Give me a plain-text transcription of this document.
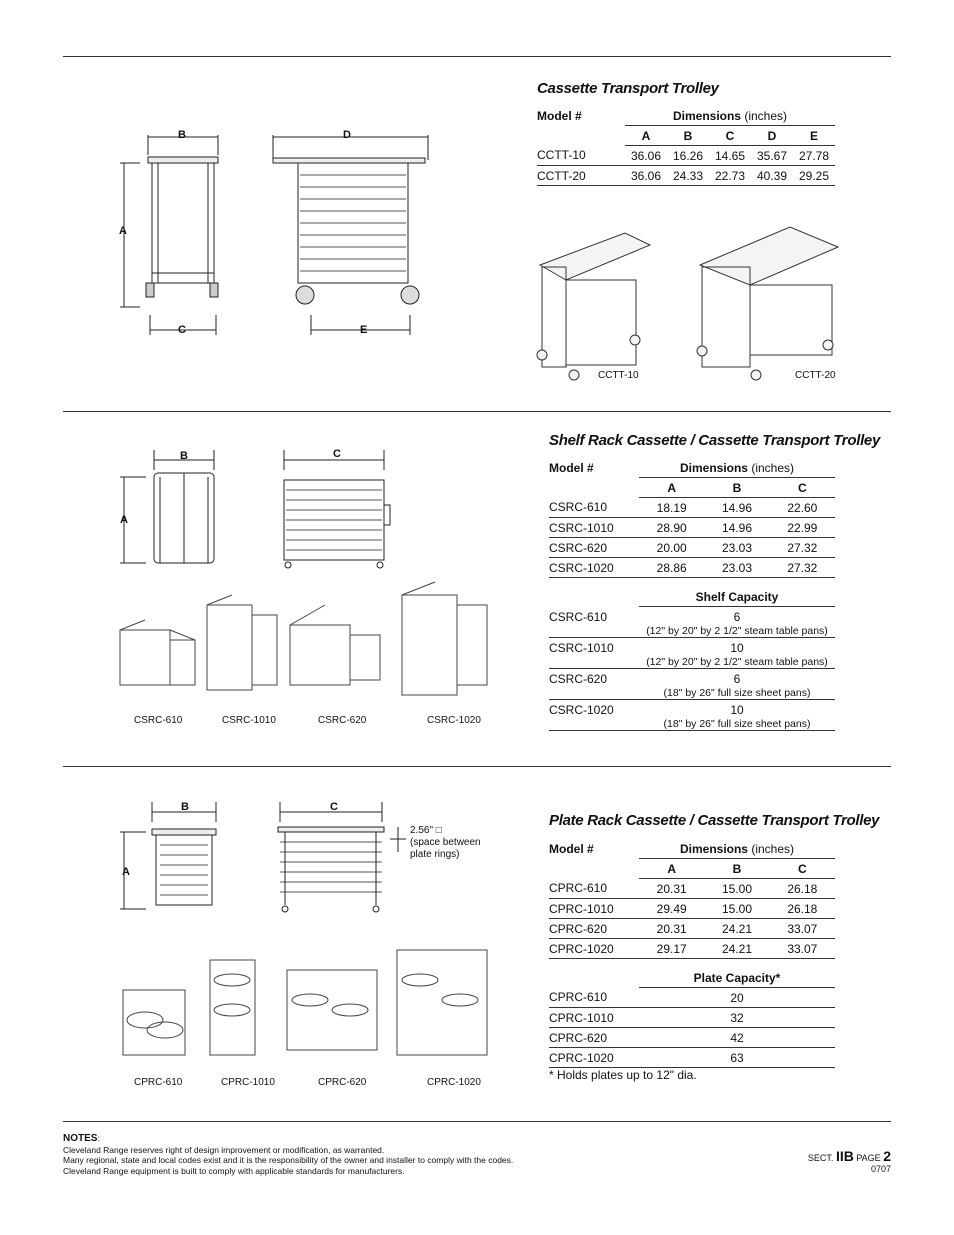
Cassette Transport Trolley
Model #	Dimensions (inches)				
	A	B	C	D	E
CCTT-10	36.06	16.26	14.65	35.67	27.78
CCTT-20	36.06	24.33	22.73	40.39	29.25
B	D
A
C	E
CCTT-10	CCTT-20
Shelf Rack Cassette / Cassette Transport Trolley
Model #	Dimensions (inches)		
	A	B	C
CSRC-610	18.19	14.96	22.60
CSRC-1010	28.90	14.96	22.99
CSRC-620	20.00	23.03	27.32
CSRC-1020	28.86	23.03	27.32
	Shelf Capacity
CSRC-610	6
(12" by 20" by 2 1/2" steam table pans)

CSRC-1010	10
(12" by 20" by 2 1/2" steam table pans)

CSRC-620	6
(18" by 26" full size sheet pans)

CSRC-1020	10
(18" by 26" full size sheet pans)
B	C
A
CSRC-610	CSRC-1010	CSRC-620	CSRC-1020
Plate Rack Cassette / Cassette Transport Trolley
Model #	Dimensions (inches)		
	A	B	C
CPRC-610	20.31	15.00	26.18
CPRC-1010	29.49	15.00	26.18
CPRC-620	20.31	24.21	33.07
CPRC-1020	29.17	24.21	33.07
	Plate Capacity*
CPRC-610	20
CPRC-1010	32
CPRC-620	42
CPRC-1020	63
* Holds plates up to 12" dia.
B	C
A
2.56" □
(space between
plate rings)
CPRC-610	CPRC-1010	CPRC-620	CPRC-1020
NOTES:
Cleveland Range reserves right of design improvement or modification, as warranted.
Many regional, state and local codes exist and it is the responsibility of the owner and installer to comply with the codes.
Cleveland Range equipment is built to comply with applicable standards for manufacturers.
SECT. IIB PAGE 2
0707
